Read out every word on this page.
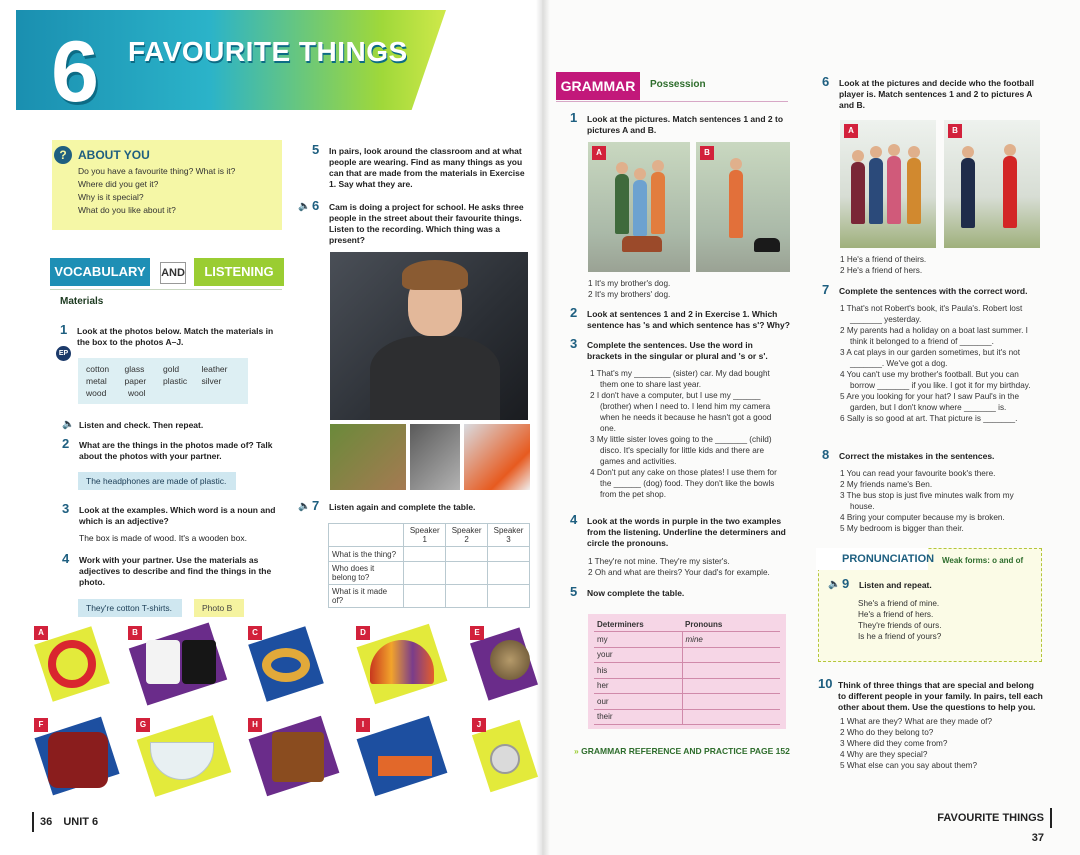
6	FAVOURITE THINGS
? ABOUT YOU
Do you have a favourite thing? What is it?
Where did you get it?
Why is it special?
What do you like about it?
VOCABULARY	AND	LISTENING
Materials
1	Look at the photos below. Match the materials in the box to the photos A–J.
EP
cotton	glass	gold	leather
metal	paper	plastic	silver
wood	wool
🔈 Listen and check. Then repeat.
2	What are the things in the photos made of? Talk about the photos with your partner.
The headphones are made of plastic.
3	Look at the examples. Which word is a noun and which is an adjective?
The box is made of wood. It's a wooden box.
4	Work with your partner. Use the materials as adjectives to describe and find the things in the photo.
They're cotton T-shirts.	Photo B
A	B	C	D	E
F	G	H	I	J
5	In pairs, look around the classroom and at what people are wearing. Find as many things as you can that are made from the materials in Exercise 1. Say what they are.
🔈 6	Cam is doing a project for school. He asks three people in the street about their favourite things. Listen to the recording. Which thing was a present?
🔈 7	Listen again and complete the table.
	Speaker 1	Speaker 2	Speaker 3
What is the thing?			
Who does it belong to?			
What is it made of?			
GRAMMAR	Possession
1	Look at the pictures. Match sentences 1 and 2 to pictures A and B.
A	B
1 It's my brother's dog.
2 It's my brothers' dog.
2	Look at sentences 1 and 2 in Exercise 1. Which sentence has 's and which sentence has s'? Why?
3	Complete the sentences. Use the word in brackets in the singular or plural and 's or s'.
1 That's my ________ (sister) car. My dad bought them one to share last year.
2 I don't have a computer, but I use my ______ (brother) when I need to. I lend him my camera when he needs it because he hasn't got a good one.
3 My little sister loves going to the _______ (child) disco. It's specially for little kids and there are games and activities.
4 Don't put any cake on those plates! I use them for the ______ (dog) food. They don't like the bowls from the pet shop.
4	Look at the words in purple in the two examples from the listening. Underline the determiners and circle the pronouns.
1 They're not mine. They're my sister's.
2 Oh and what are theirs? Your dad's for example.
5	Now complete the table.
Determiners	Pronouns
my	mine
your	
his	
her	
our	
their	
» GRAMMAR REFERENCE AND PRACTICE PAGE 152
6	Look at the pictures and decide who the football player is. Match sentences 1 and 2 to pictures A and B.
A	B
1 He's a friend of theirs.
2 He's a friend of hers.
7	Complete the sentences with the correct word.
1 That's not Robert's book, it's Paula's. Robert lost _______ yesterday.
2 My parents had a holiday on a boat last summer. I think it belonged to a friend of _______.
3 A cat plays in our garden sometimes, but it's not _______. We've got a dog.
4 You can't use my brother's football. But you can borrow _______ if you like. I got it for my birthday.
5 Are you looking for your hat? I saw Paul's in the garden, but I don't know where _______ is.
6 Sally is so good at art. That picture is _______.
8	Correct the mistakes in the sentences.
1 You can read your favourite book's there.
2 My friends name's Ben.
3 The bus stop is just five minutes walk from my house.
4 Bring your computer because my is broken.
5 My bedroom is bigger than their.
PRONUNCIATION Weak forms: o and of
🔈 9	Listen and repeat.
She's a friend of mine.
He's a friend of hers.
They're friends of ours.
Is he a friend of yours?
10 Think of three things that are special and belong to different people in your family. In pairs, tell each other about them. Use the questions to help you.
1 What are they? What are they made of?
2 Who do they belong to?
3 Where did they come from?
4 Why are they special?
5 What else can you say about them?
36 UNIT 6	FAVOURITE THINGS 37
